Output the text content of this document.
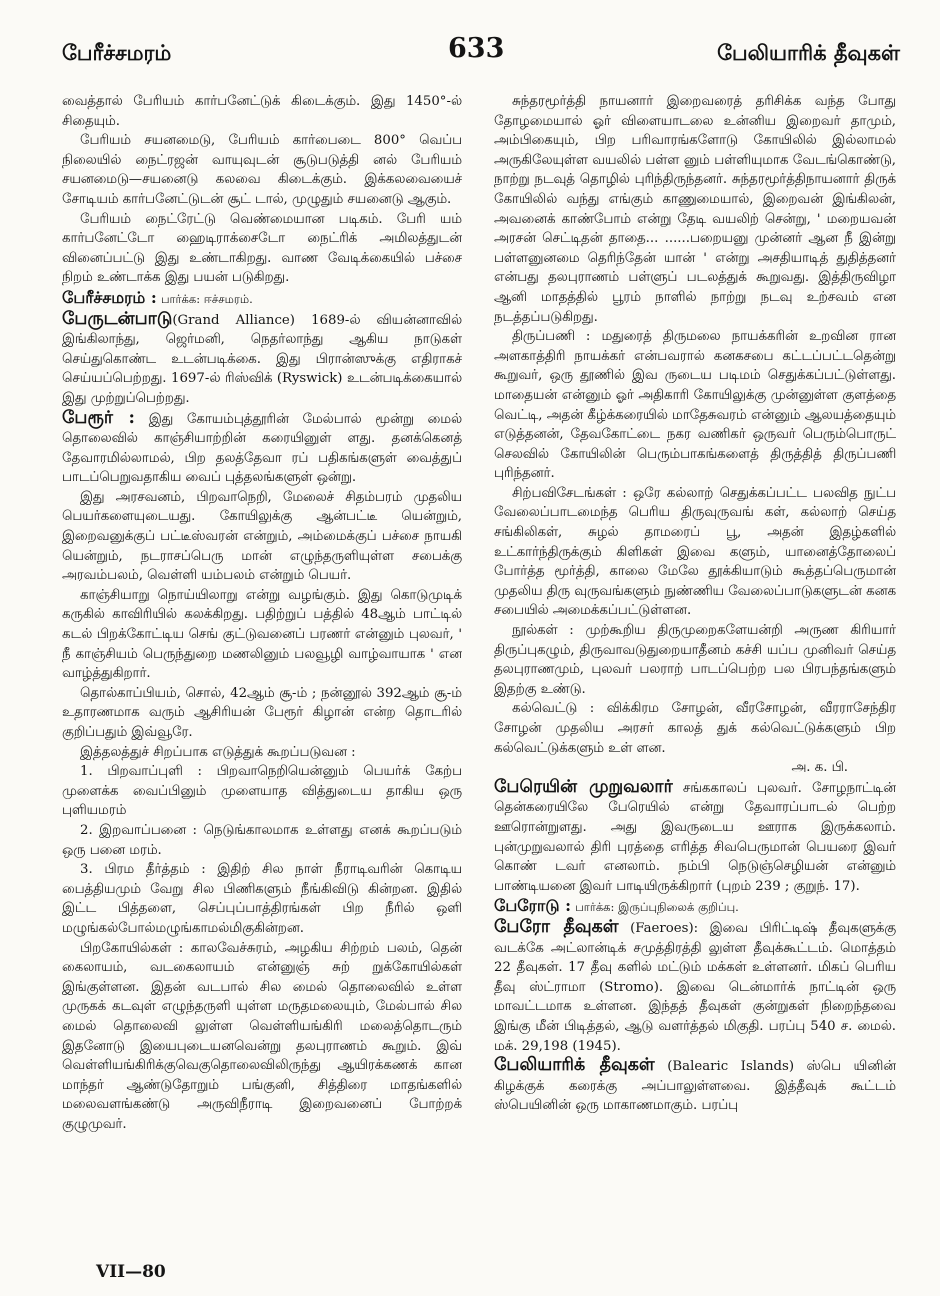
பேரீச்சமரம்	633	பேலியாரிக் தீவுகள்

வைத்தால் பேரியம் கார்பனேட்டுக் கிடைக்கும். இது 1450°-ல் சிதையும்.

பேரியம் சயனமைடு, பேரியம் கார்பைடை 800° வெப்ப நிலையில் நைட்ரஜன் வாயுவுடன் சூடுபடுத்தி னல் பேரியம் சயனமைடு—சயனைடு கலவை கிடைக்கும். இக்கலவையைச் சோடியம் கார்பனேட்டுடன் சூட் டால், முழுதும் சயனைடு ஆகும்.

பேரியம் நைட்ரேட்டு வெண்மையான படிகம். பேரி யம் கார்பனேட்டோ ஹைடிராக்சைடோ நைட்ரிக் அமிலத்துடன் வினைப்பட்டு இது உண்டாகிறது. வாண வேடிக்கையில் பச்சை நிறம் உண்டாக்க இது பயன் படுகிறது.

பேரீச்சமரம் : பார்க்க: ஈச்சமரம்.

பேருடன்பாடு(Grand Alliance) 1689-ல் வியன்னாவில் இங்கிலாந்து, ஜெர்மனி, நெதர்லாந்து ஆகிய நாடுகள் செய்துகொண்ட உடன்படிக்கை. இது பிரான்ஸுக்கு எதிராகச் செய்யப்பெற்றது. 1697-ல் ரிஸ்விக் (Ryswick) உடன்படிக்கையால் இது முற்றுப்பெற்றது.

பேரூர் : இது கோயம்புத்தூரின் மேல்பால் மூன்று மைல் தொலைவில் காஞ்சியாற்றின் கரையினுள் ளது. தனக்கெனத் தேவாரமில்லாமல், பிற தலத்தேவா ரப் பதிகங்களுள் வைத்துப் பாடப்பெறுவதாகிய வைப் புத்தலங்களுள் ஒன்று.

இது அரசவனம், பிறவாநெறி, மேலைச் சிதம்பரம் முதலிய பெயர்களையுடையது. கோயிலுக்கு ஆன்பட்டீ யென்றும், இறைவனுக்குப் பட்டீஸ்வரன் என்றும், அம்மைக்குப் பச்சை நாயகி யென்றும், நடராசப்பெரு மான் எழுந்தருளியுள்ள சபைக்கு அரவம்பலம், வெள்ளி யம்பலம் என்றும் பெயர்.

காஞ்சியாறு நொய்யிலாறு என்று வழங்கும். இது கொடுமுடிக் கருகில் காவிரியில் கலக்கிறது. பதிற்றுப் பத்தில் 48ஆம் பாட்டில் கடல் பிறக்கோட்டிய செங் குட்டுவனைப் பரணர் என்னும் புலவர், ' நீ காஞ்சியம் பெருந்துறை மணலினும் பலவூழி வாழ்வாயாக ' என வாழ்த்துகிறார்.

தொல்காப்பியம், சொல், 42ஆம் சூ-ம் ; நன்னூல் 392ஆம் சூ-ம் உதாரணமாக வரும் ஆசிரியன் பேரூர் கிழான் என்ற தொடரில் குறிப்பதும் இவ்வூரே.

இத்தலத்துச் சிறப்பாக எடுத்துக் கூறப்படுவன :

1. பிறவாப்புளி : பிறவாநெறியென்னும் பெயர்க் கேற்ப முளைக்க வைப்பினும் முளையாத வித்துடைய தாகிய ஒரு புளியமரம்

2. இறவாப்பனை : நெடுங்காலமாக உள்ளது எனக் கூறப்படும் ஒரு பனை மரம்.

3. பிரம தீர்த்தம் : இதிற் சில நாள் நீராடிவரின் கொடிய பைத்தியமும் வேறு சில பிணிகளும் நீங்கிவிடு கின்றன. இதில் இட்ட பித்தளை, செப்புப்பாத்திரங்கள் பிற நீரில் ஒளி மழுங்கல்போல்மழுங்காமல்மிகுகின்றன.

பிறகோயில்கள் : காலவேச்சுரம், அழகிய சிற்றம் பலம், தென் கைலாயம், வடகைலாயம் என்னுஞ் சுற் றுக்கோயில்கள் இங்குள்ளன. இதன் வடபால் சில மைல் தொலைவில் உள்ள முருகக் கடவுள் எழுந்தருளி யுள்ள மருதமலையும், மேல்பால் சில மைல் தொலைவி லுள்ள வெள்ளியங்கிரி மலைத்தொடரும் இதனோடு இயைபுடையனவென்று தலபுராணம் கூறும். இவ் வெள்ளியங்கிரிக்குவெகுதொலைவிலிருந்து ஆயிரக்கணக் கான மாந்தர் ஆண்டுதோறும் பங்குனி, சித்திரை மாதங்களில் மலைவளங்கண்டு அருவிநீராடி இறைவனைப் போற்றக் குழுமுவர்.

சுந்தரமூர்த்தி நாயனார் இறைவரைத் தரிசிக்க வந்த போது தோழமையால் ஓர் விளையாடலை உன்னிய இறைவர் தாமும், அம்பிகையும், பிற பரிவாரங்களோடு கோயிலில் இல்லாமல் அருகிலேயுள்ள வயலில் பள்ள னும் பள்ளியுமாக வேடங்கொண்டு, நாற்று நடவுத் தொழில் புரிந்திருந்தனர். சுந்தரமூர்த்திநாயனார் திருக் கோயிலில் வந்து எங்கும் காணுமையால், இறைவன் இங்கிலன், அவனைக் காண்போம் என்று தேடி வயலிற் சென்று, ' மறையவன் அரசன் செட்டிதன் தாதை... ......பறையனு முன்னர் ஆன நீ இன்று பள்ளனுனமை தெரிந்தேன் யான் ' என்று அசதியாடித் துதித்தனர் என்பது தலபுராணம் பள்ளுப் படலத்துக் கூறுவது. இத்திருவிழா ஆனி மாதத்தில் பூரம் நாளில் நாற்று நடவு உற்சவம் என நடத்தப்படுகிறது.

திருப்பணி : மதுரைத் திருமலை நாயக்கரின் உறவின ரான அளகாத்திரி நாயக்கர் என்பவரால் கனகசபை கட்டப்பட்டதென்று கூறுவர், ஒரு தூணில் இவ ருடைய படிமம் செதுக்கப்பட்டுள்ளது. மாதையன் என்னும் ஓர் அதிகாரி கோயிலுக்கு முன்னுள்ள குளத்தை வெட்டி, அதன் கீழ்க்கரையில் மாதேசுவரம் என்னும் ஆலயத்தையும் எடுத்தனன், தேவகோட்டை நகர வணிகர் ஒருவர் பெரும்பொருட் செலவில் கோயிலின் பெரும்பாகங்களைத் திருத்தித் திருப்பணி புரிந்தனர்.

சிற்பவிசேடங்கள் : ஒரே கல்லாற் செதுக்கப்பட்ட பலவித நுட்ப வேலைப்பாடமைந்த பெரிய திருவுருவங் கள், கல்லாற் செய்த சங்கிலிகள், சுழல் தாமரைப் பூ, அதன் இதழ்களில் உட்கார்ந்திருக்கும் கிளிகள் இவை களும், யானைத்தோலைப் போர்த்த மூர்த்தி, காலை மேலே தூக்கியாடும் கூத்தப்பெருமான் முதலிய திரு வுருவங்களும் நுண்ணிய வேலைப்பாடுகளுடன் கனக சபையில் அமைக்கப்பட்டுள்ளன.

நூல்கள் : முற்கூறிய திருமுறைகளேயன்றி அருண கிரியார் திருப்புகழும், திருவாவடுதுறையாதீனம் கச்சி யப்ப முனிவர் செய்த தலபுராணமும், புலவர் பலராற் பாடப்பெற்ற பல பிரபந்தங்களும் இதற்கு உண்டு.

கல்வெட்டு : விக்கிரம சோழன், வீரசோழன், வீரராசேந்திர சோழன் முதலிய அரசர் காலத் துக் கல்வெட்டுக்களும் பிற கல்வெட்டுக்களும் உள் ளன.

அ. க. பி.

பேரெயின் முறுவலார் சங்ககாலப் புலவர். சோழநாட்டின் தென்கரையிலே பேரெயில் என்று தேவாரப்பாடல் பெற்ற ஊரொன்றுளது. அது இவருடைய ஊராக இருக்கலாம். புன்முறுவலால் திரி புரத்தை எரித்த சிவபெருமான் பெயரை இவர் கொண் டவர் எனலாம். நம்பி நெடுஞ்செழியன் என்னும் பாண்டியனை இவர் பாடியிருக்கிறார் (புறம் 239 ; குறுந். 17).

பேரோடு : பார்க்க: இருப்புநிலைக் குறிப்பு.

பேரோ தீவுகள் (Faeroes): இவை பிரிட்டிஷ் தீவுகளுக்கு வடக்கே அட்லான்டிக் சமுத்திரத்தி லுள்ள தீவுக்கூட்டம். மொத்தம் 22 தீவுகள். 17 தீவு களில் மட்டும் மக்கள் உள்ளனர். மிகப் பெரிய தீவு ஸ்ட்ராமா (Stromo). இவை டென்மார்க் நாட்டின் ஒரு மாவட்டமாக உள்ளன. இந்தத் தீவுகள் குன்றுகள் நிறைந்தவை இங்கு மீன் பிடித்தல், ஆடு வளர்த்தல் மிகுதி. பரப்பு 540 ச. மைல். மக். 29,198 (1945).

பேலியாரிக் தீவுகள் (Balearic Islands) ஸ்பெ யினின் கிழக்குக் கரைக்கு அப்பாலுள்ளவை. இத்தீவுக் கூட்டம் ஸ்பெயினின் ஒரு மாகாணமாகும். பரப்பு

VII—80
